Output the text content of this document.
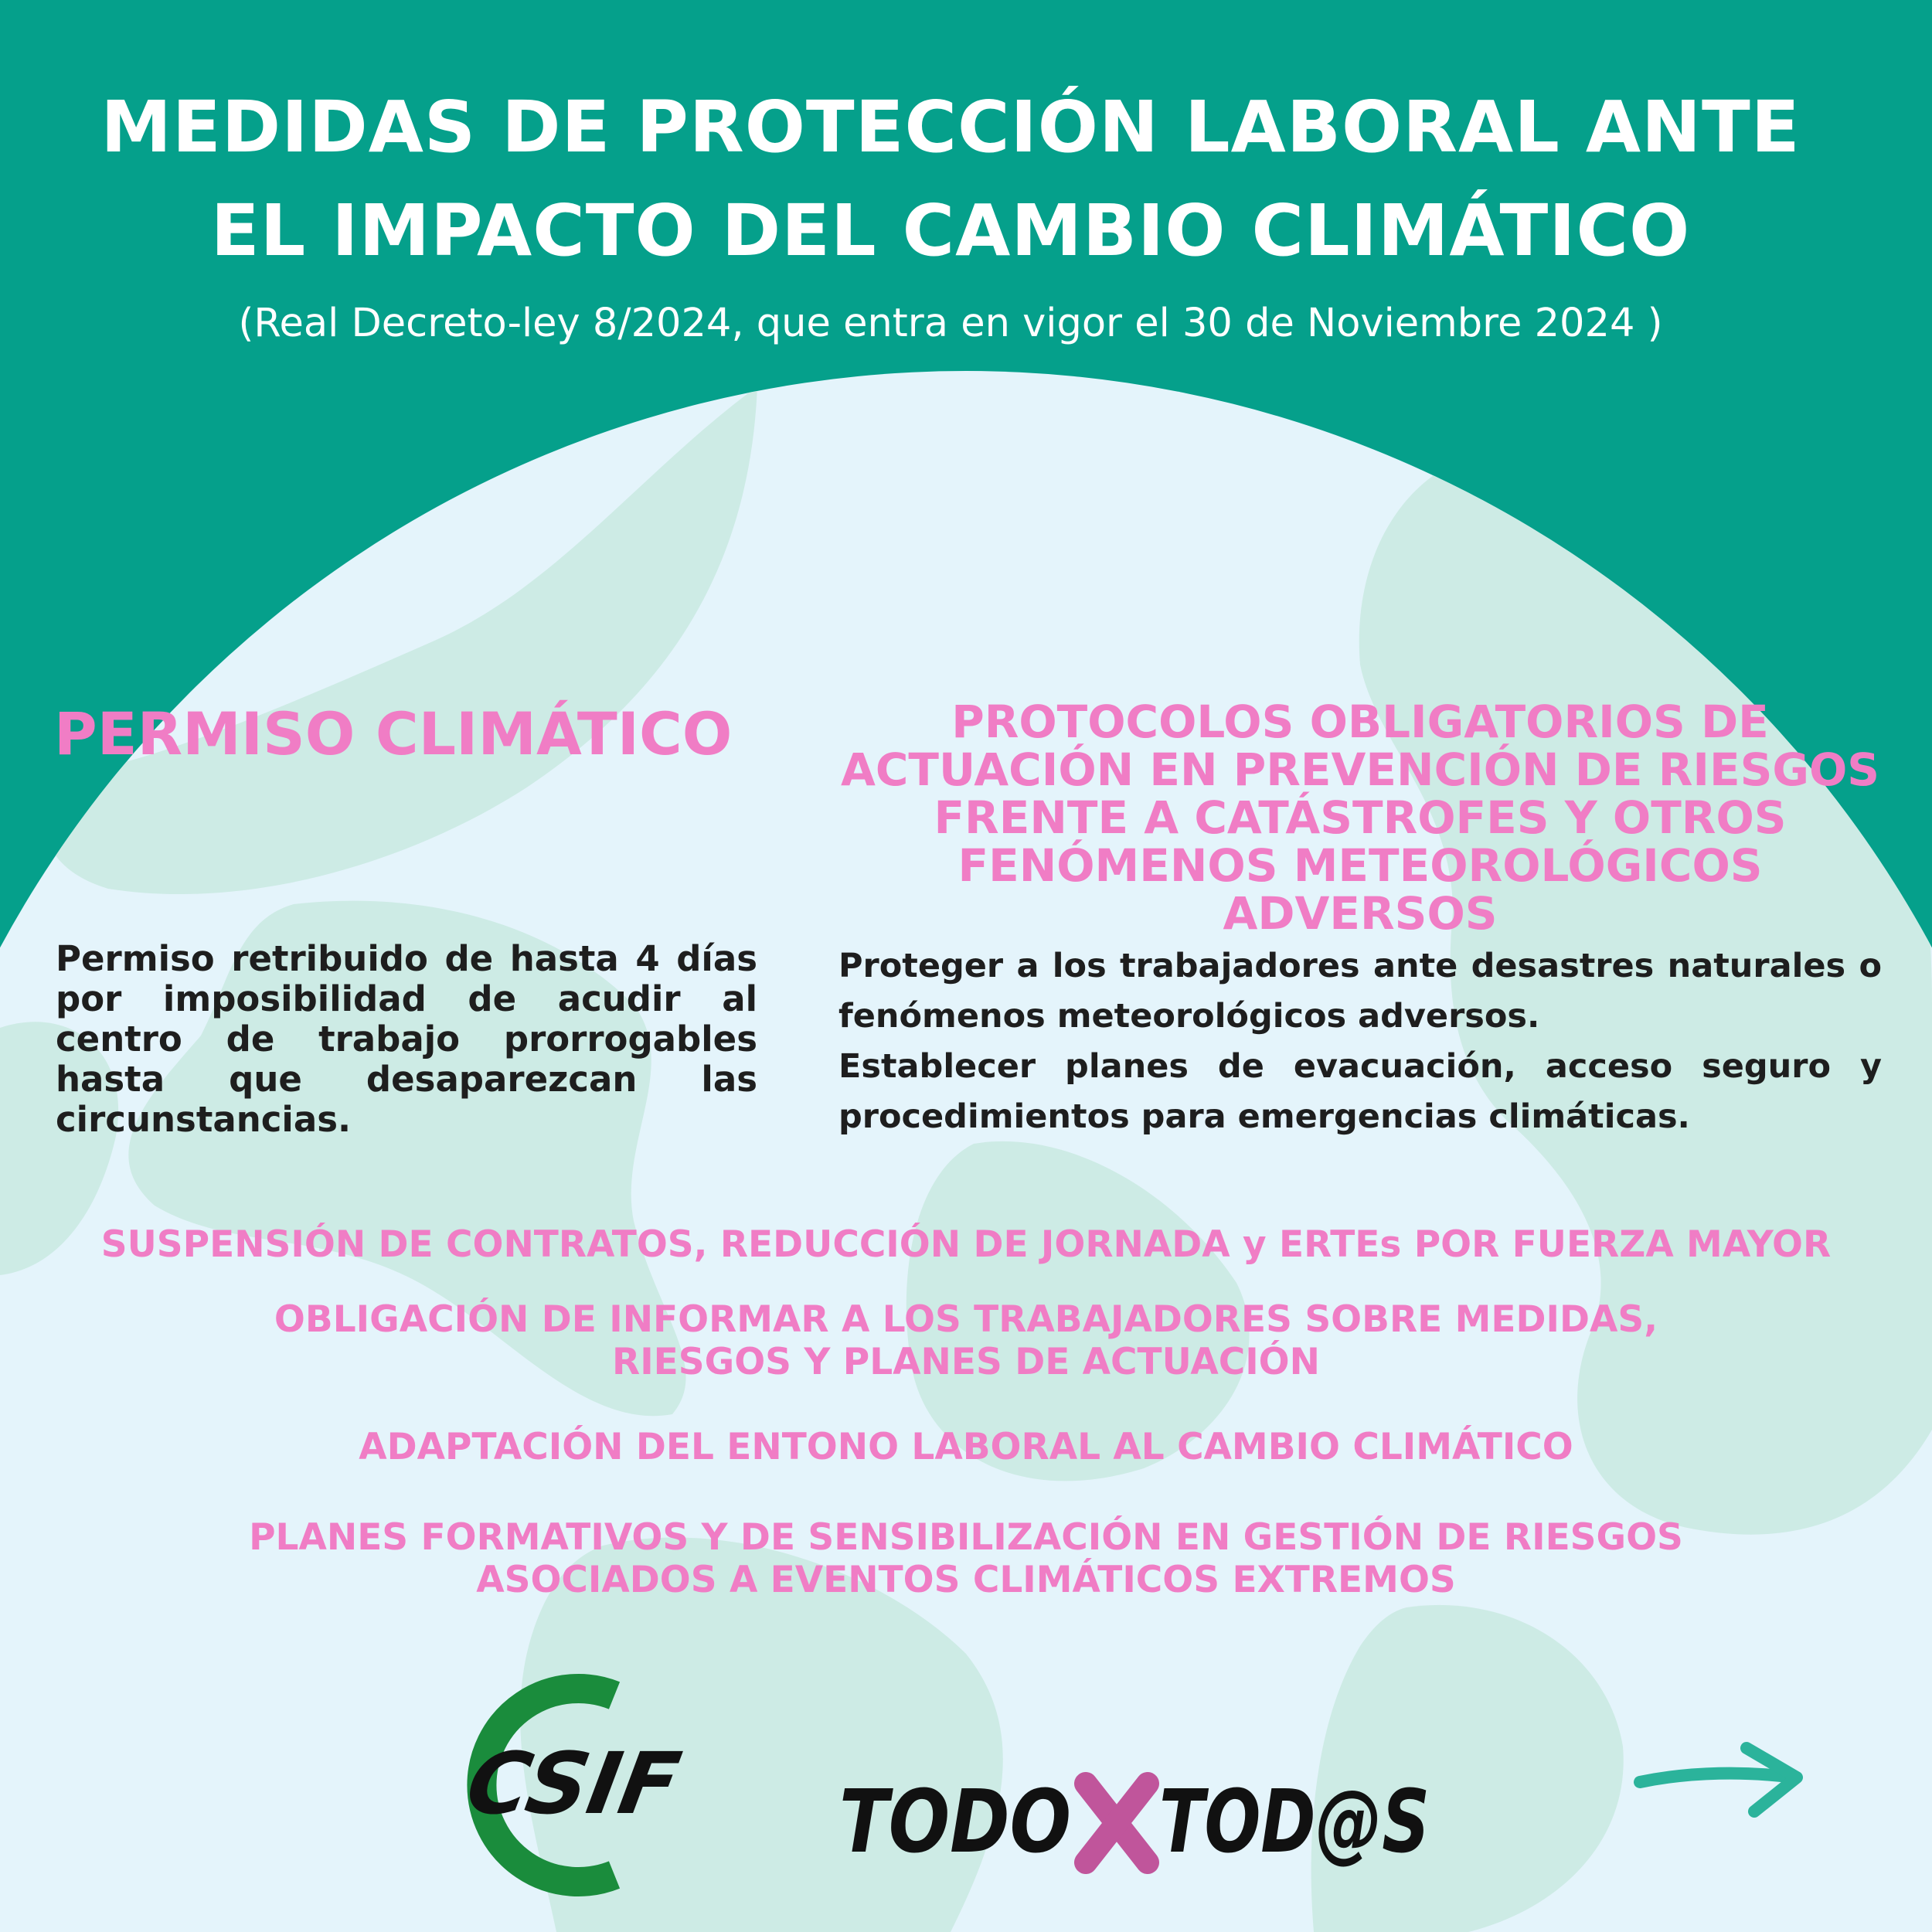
MEDIDAS DE PROTECCIÓN LABORAL ANTE
EL IMPACTO DEL CAMBIO CLIMÁTICO

(Real Decreto-ley 8/2024, que entra en vigor el 30 de Noviembre 2024 )

PERMISO CLIMÁTICO

Permiso retribuido de hasta 4 días por imposibilidad de acudir al centro de trabajo prorrogables hasta que desaparezcan las circunstancias.

PROTOCOLOS OBLIGATORIOS DE
ACTUACIÓN EN PREVENCIÓN DE RIESGOS
FRENTE A CATÁSTROFES Y OTROS
FENÓMENOS METEOROLÓGICOS ADVERSOS
Proteger a los trabajadores ante desastres naturales o fenómenos meteorológicos adversos.
Establecer planes de evacuación, acceso seguro y procedimientos para emergencias climáticas.
SUSPENSIÓN DE CONTRATOS, REDUCCIÓN DE JORNADA y ERTEs POR FUERZA MAYOR
OBLIGACIÓN DE INFORMAR A LOS TRABAJADORES SOBRE MEDIDAS,
RIESGOS Y PLANES DE ACTUACIÓN
ADAPTACIÓN DEL ENTONO LABORAL AL CAMBIO CLIMÁTICO
PLANES FORMATIVOS Y DE SENSIBILIZACIÓN EN GESTIÓN DE RIESGOS
ASOCIADOS A EVENTOS CLIMÁTICOS EXTREMOS
CSIF TODO TOD@S
